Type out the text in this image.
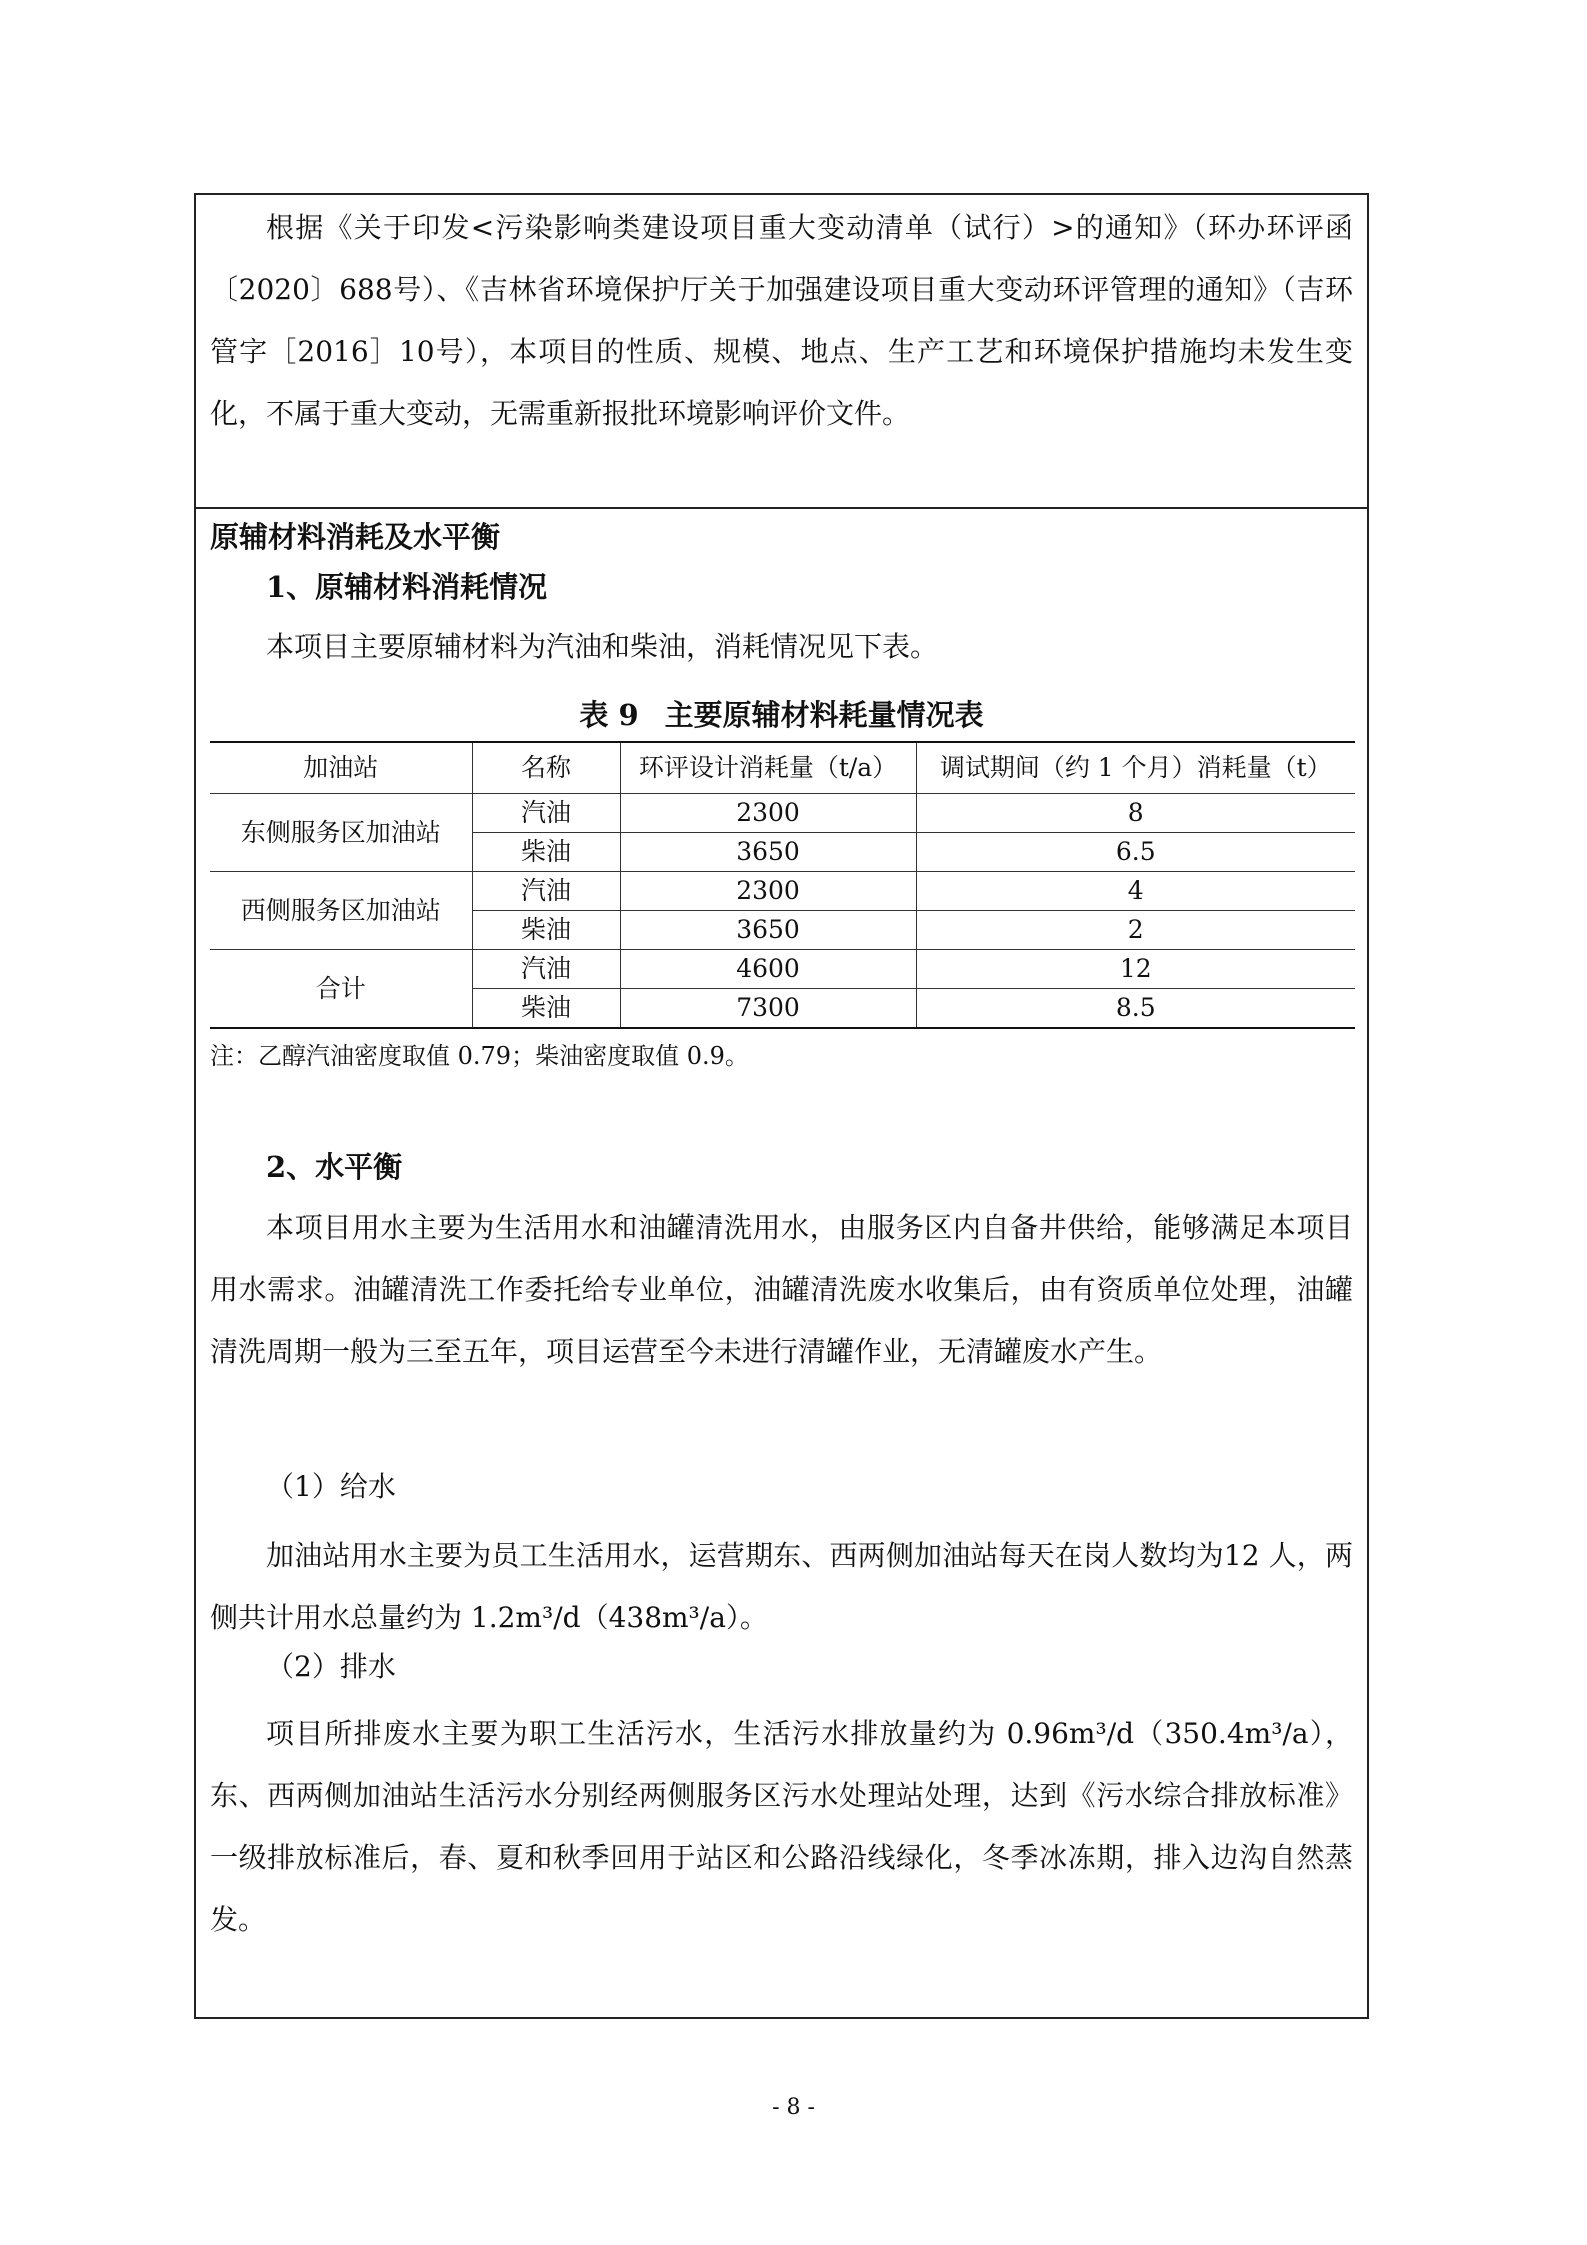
根据《关于印发<污染影响类建设项目重大变动清单（试行）>的通知》（环办环评函〔2020〕688号）、《吉林省环境保护厅关于加强建设项目重大变动环评管理的通知》（吉环管字［2016］10号），本项目的性质、规模、地点、生产工艺和环境保护措施均未发生变化，不属于重大变动，无需重新报批环境影响评价文件。

原辅材料消耗及水平衡
1、原辅材料消耗情况
本项目主要原辅材料为汽油和柴油，消耗情况见下表。
表 9 主要原辅材料耗量情况表
加油站	名称	环评设计消耗量（t/a）	调试期间（约 1 个月）消耗量（t）
东侧服务区加油站	汽油	2300	8
	柴油	3650	6.5
西侧服务区加油站	汽油	2300	4
	柴油	3650	2
合计	汽油	4600	12
	柴油	7300	8.5
注：乙醇汽油密度取值 0.79；柴油密度取值 0.9。
2、水平衡

本项目用水主要为生活用水和油罐清洗用水，由服务区内自备井供给，能够满足本项目用水需求。油罐清洗工作委托给专业单位，油罐清洗废水收集后，由有资质单位处理，油罐清洗周期一般为三至五年，项目运营至今未进行清罐作业，无清罐废水产生。

（1）给水

加油站用水主要为员工生活用水，运营期东、西两侧加油站每天在岗人数均为12 人，两侧共计用水总量约为 1.2m³/d（438m³/a）。

（2）排水

项目所排废水主要为职工生活污水，生活污水排放量约为 0.96m³/d（350.4m³/a），东、西两侧加油站生活污水分别经两侧服务区污水处理站处理，达到《污水综合排放标准》一级排放标准后，春、夏和秋季回用于站区和公路沿线绿化，冬季冰冻期，排入边沟自然蒸发。

- 8 -
